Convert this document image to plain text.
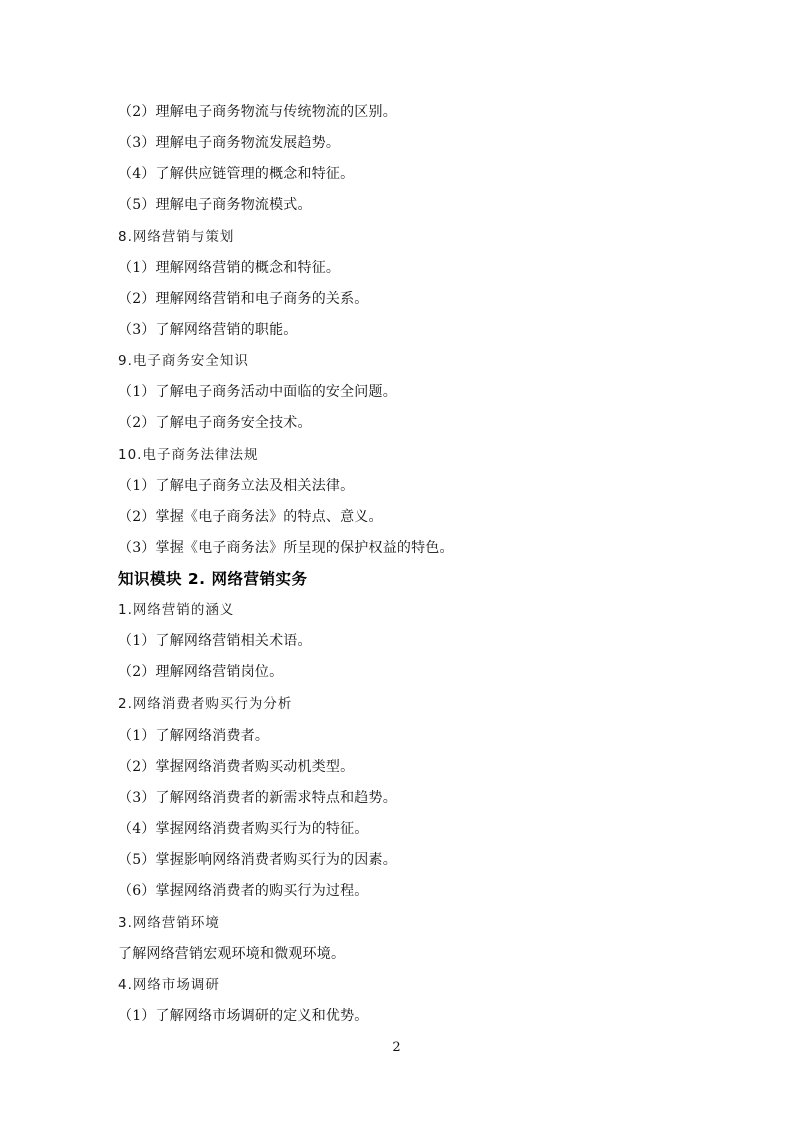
（2）理解电子商务物流与传统物流的区别。
（3）理解电子商务物流发展趋势。
（4）了解供应链管理的概念和特征。
（5）理解电子商务物流模式。
8.网络营销与策划
（1）理解网络营销的概念和特征。
（2）理解网络营销和电子商务的关系。
（3）了解网络营销的职能。
9.电子商务安全知识
（1）了解电子商务活动中面临的安全问题。
（2）了解电子商务安全技术。
10.电子商务法律法规
（1）了解电子商务立法及相关法律。
（2）掌握《电子商务法》的特点、意义。
（3）掌握《电子商务法》所呈现的保护权益的特色。
知识模块 2. 网络营销实务
1.网络营销的涵义
（1）了解网络营销相关术语。
（2）理解网络营销岗位。
2.网络消费者购买行为分析
（1）了解网络消费者。
（2）掌握网络消费者购买动机类型。
（3）了解网络消费者的新需求特点和趋势。
（4）掌握网络消费者购买行为的特征。
（5）掌握影响网络消费者购买行为的因素。
（6）掌握网络消费者的购买行为过程。
3.网络营销环境
了解网络营销宏观环境和微观环境。
4.网络市场调研
（1）了解网络市场调研的定义和优势。
2
